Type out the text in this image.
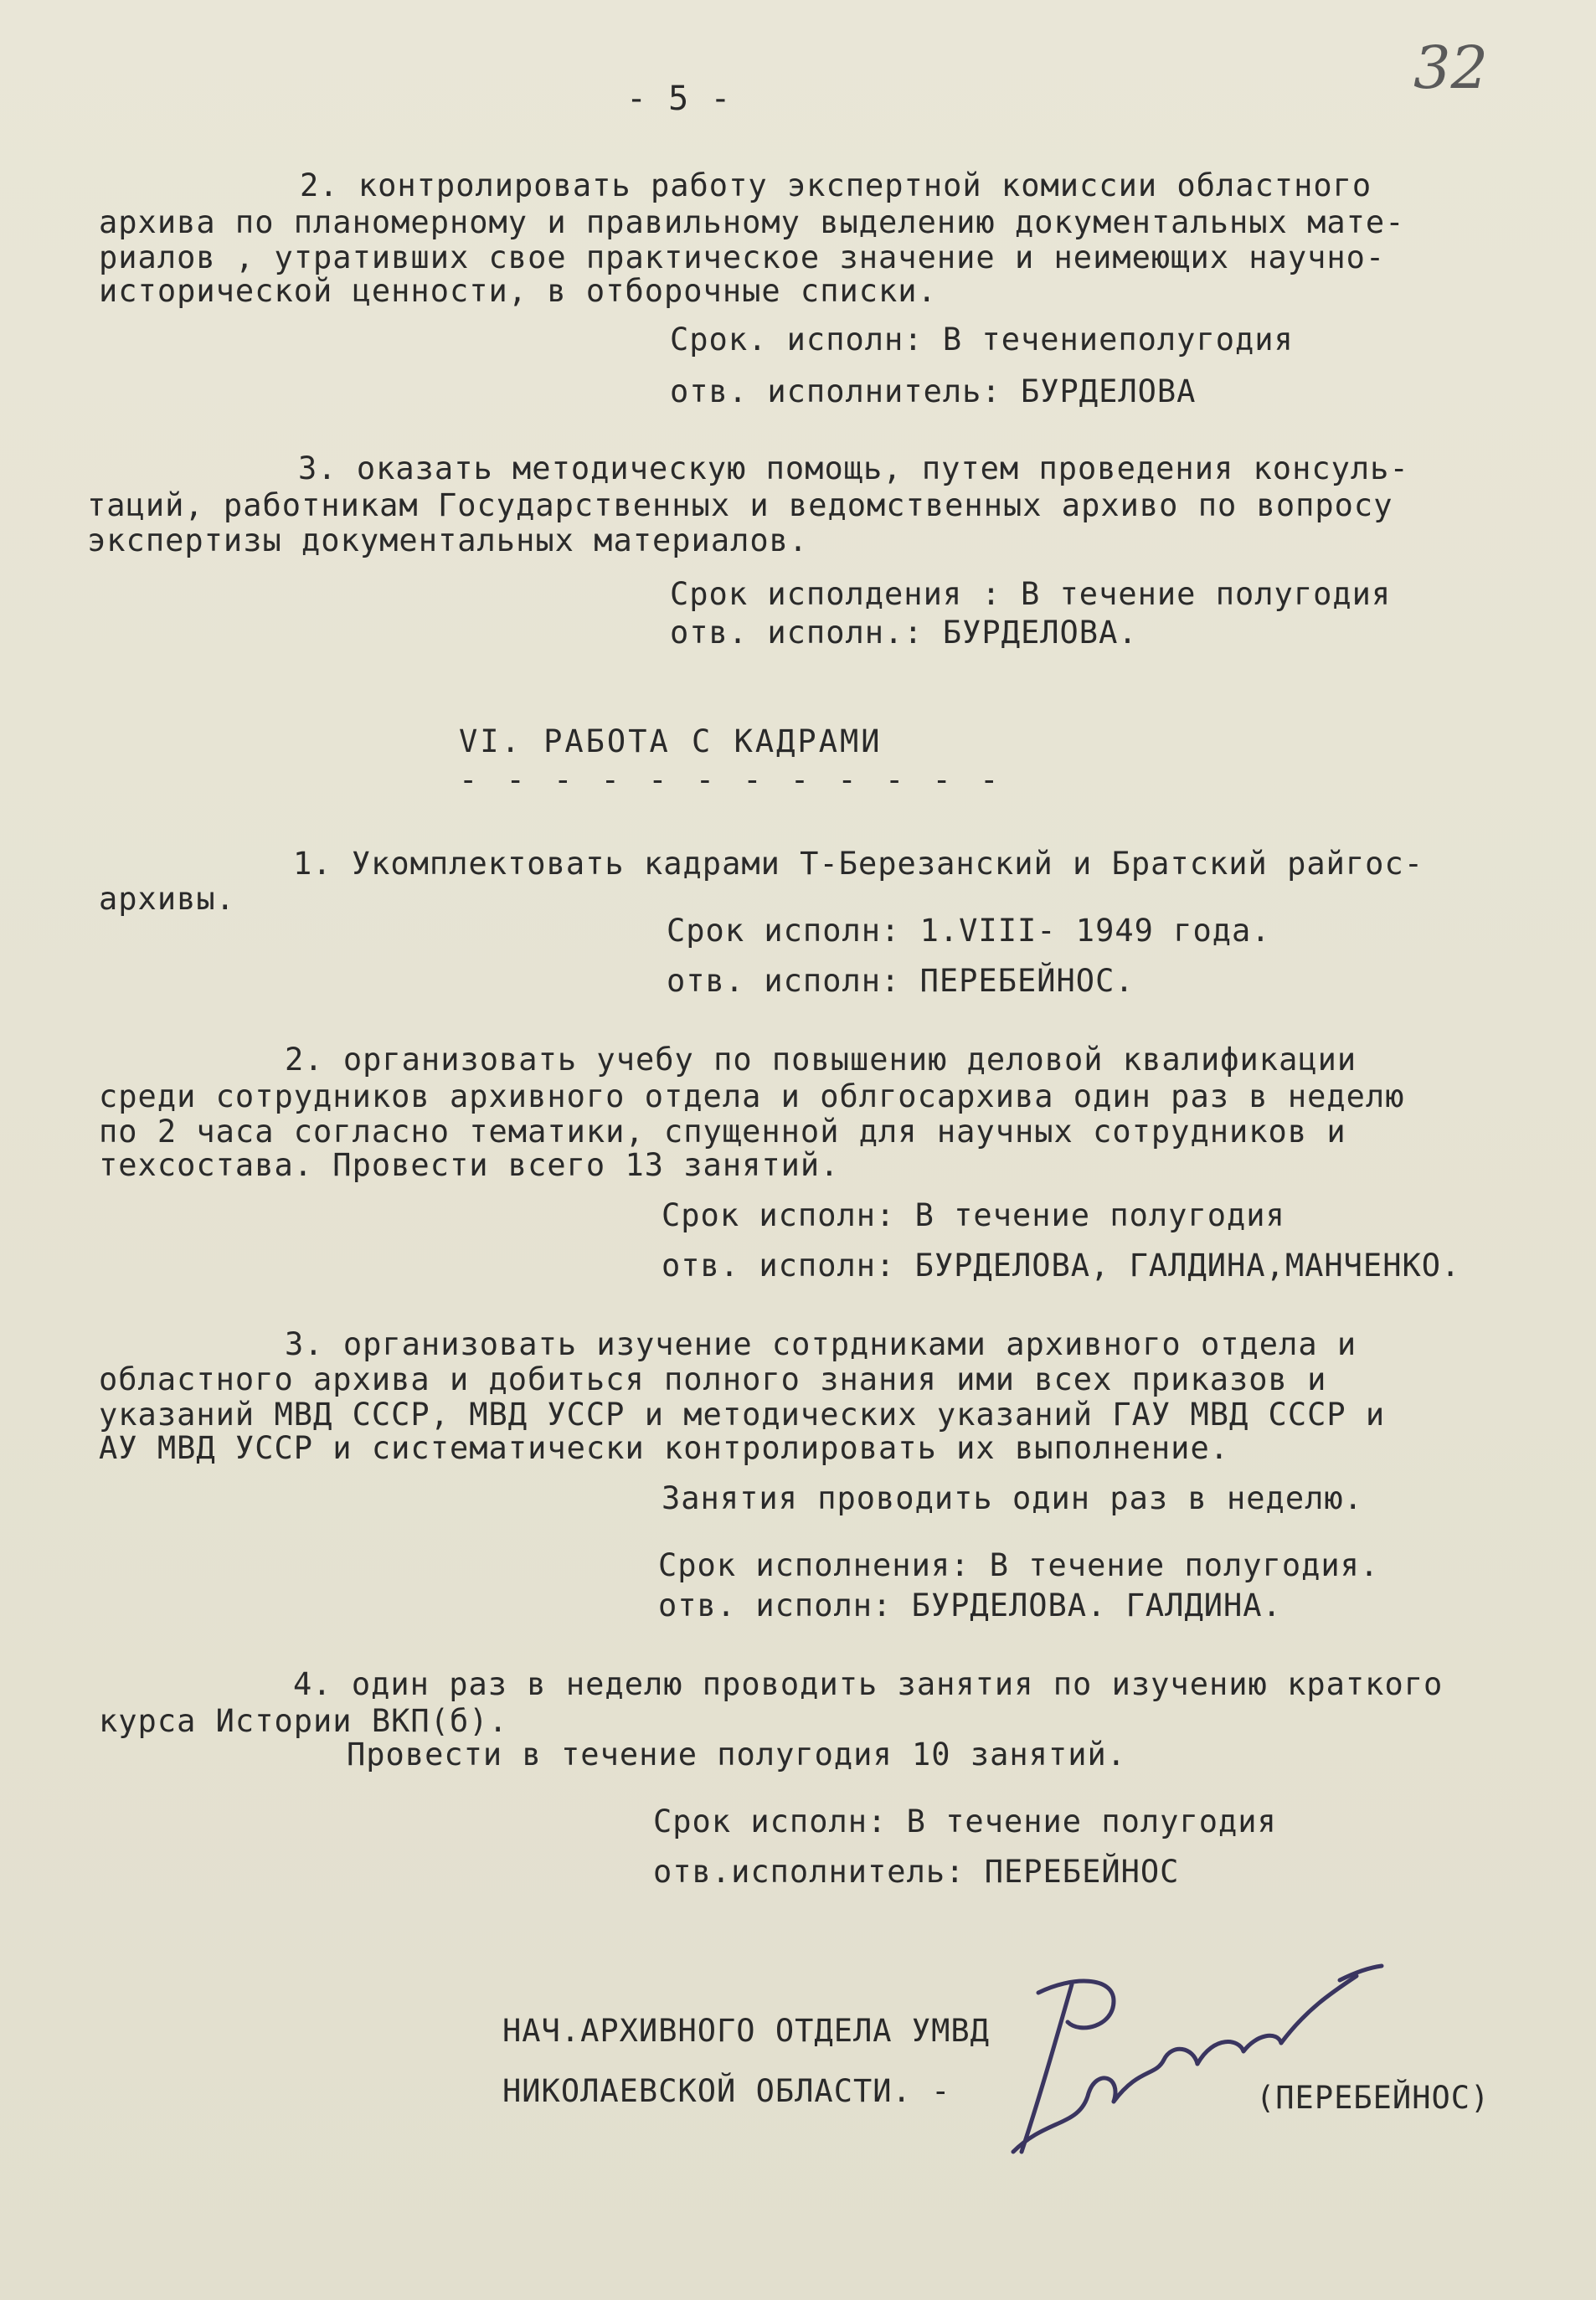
32
- 5 -
2. контролировать работу экспертной комиссии областного
архива по планомерному и правильному выделению документальных мате-
риалов , утративших свое практическое значение и неимеющих научно-
исторической ценности, в отборочные списки.
Срок. исполн: В течениеполугодия
отв. исполнитель: БУРДЕЛОВА
3. оказать методическую помощь, путем проведения консуль-
таций, работникам Государственных и ведомственных архиво по вопросу
экспертизы документальных материалов.
Срок исполдения : В течение полугодия
отв. исполн.: БУРДЕЛОВА.
VI. РАБОТА С КАДРАМИ
- - - - - - - - - - - -
1. Укомплектовать кадрами Т-Березанский и Братский райгос-
архивы.
Срок исполн: 1.VIII- 1949 года.
отв. исполн: ПЕРЕБЕЙНОС.
2. организовать учебу по повышению деловой квалификации
среди сотрудников архивного отдела и облгосархива один раз в неделю
по 2 часа согласно тематики, спущенной для научных сотрудников и
техсостава. Провести всего 13 занятий.
Срок исполн: В течение полугодия
отв. исполн: БУРДЕЛОВА, ГАЛДИНА,МАНЧЕНКО.
3. организовать изучение сотрдниками архивного отдела и
областного архива и добиться полного знания ими всех приказов и
указаний МВД СССР, МВД УССР и методических указаний ГАУ МВД СССР и
АУ МВД УССР и систематически контролировать их выполнение.
Занятия проводить один раз в неделю.
Срок исполнения: В течение полугодия.
отв. исполн: БУРДЕЛОВА. ГАЛДИНА.
4. один раз в неделю проводить занятия по изучению краткого
курса Истории ВКП(б).
Провести в течение полугодия 10 занятий.
Срок исполн: В течение полугодия
отв.исполнитель: ПЕРЕБЕЙНОС
НАЧ.АРХИВНОГО ОТДЕЛА УМВД
НИКОЛАЕВСКОЙ ОБЛАСТИ. -	(ПЕРЕБЕЙНОС)
